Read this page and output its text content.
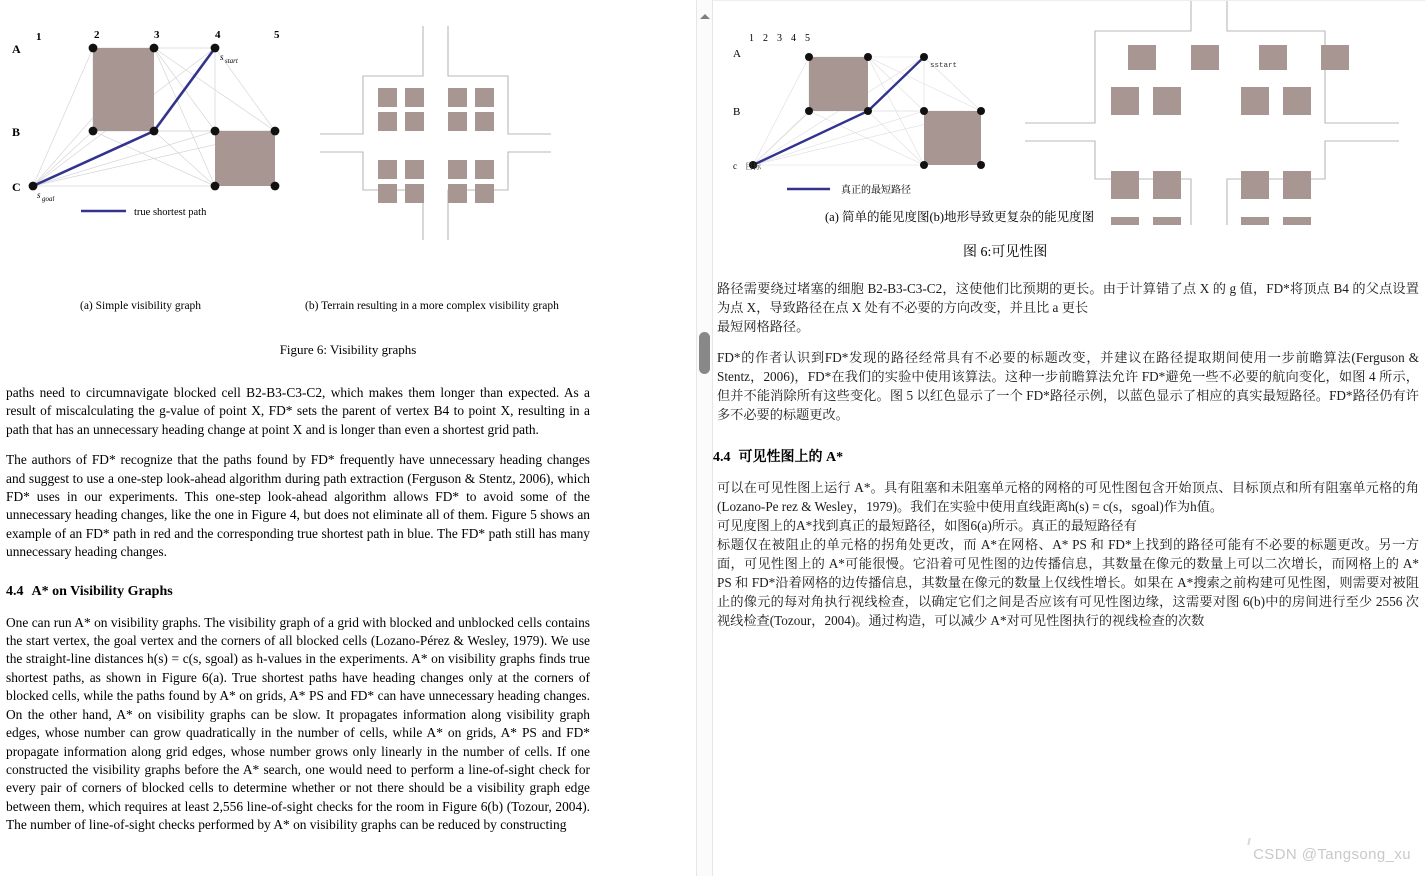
1	2	3	4	5
A
B
C
s start
s goal
true shortest path
(a) Simple visibility graph	(b) Terrain resulting in a more complex visibility graph
Figure 6: Visibility graphs

paths need to circumnavigate blocked cell B2-B3-C3-C2, which makes them longer than expected. As a result of miscalculating the g-value of point X, FD* sets the parent of vertex B4 to point X, resulting in a path that has an unnecessary heading change at point X and is longer than even a shortest grid path.

The authors of FD* recognize that the paths found by FD* frequently have unnecessary heading changes and suggest to use a one-step look-ahead algorithm during path extraction (Ferguson & Stentz, 2006), which FD* uses in our experiments. This one-step look-ahead algorithm allows FD* to avoid some of the unnecessary heading changes, like the one in Figure 4, but does not eliminate all of them. Figure 5 shows an example of an FD* path in red and the corresponding true shortest path in blue. The FD* path still has many unnecessary heading changes.

4.4 A* on Visibility Graphs

One can run A* on visibility graphs. The visibility graph of a grid with blocked and unblocked cells contains the start vertex, the goal vertex and the corners of all blocked cells (Lozano-Pérez & Wesley, 1979). We use the straight-line distances h(s) = c(s, sgoal) as h-values in the experiments. A* on visibility graphs finds true shortest paths, as shown in Figure 6(a). True shortest paths have heading changes only at the corners of blocked cells, while the paths found by A* on grids, A* PS and FD* can have unnecessary heading changes. On the other hand, A* on visibility graphs can be slow. It propagates information along visibility graph edges, whose number can grow quadratically in the number of cells, while A* on grids, A* PS and FD* propagate information along grid edges, whose number grows only linearly in the number of cells. If one constructed the visibility graphs before the A* search, one would need to perform a line-of-sight check for every pair of corners of blocked cells to determine whether or not there should be a visibility graph edge between them, which requires at least 2,556 line-of-sight checks for the room in Figure 6(b) (Tozour, 2004). The number of line-of-sight checks performed by A* on visibility graphs can be reduced by constructing

1 2 3 4 5
A
B
c
sstart
目标
真正的最短路径
(a) 简单的能见度图(b)地形导致更复杂的能见度图
图 6:可见性图

路径需要绕过堵塞的细胞 B2-B3-C3-C2，这使他们比预期的更长。由于计算错了点 X 的 g 值，FD*将顶点 B4 的父点设置为点 X，导致路径在点 X 处有不必要的方向改变，并且比 a 更长

最短网格路径。

FD*的作者认识到FD*发现的路径经常具有不必要的标题改变，并建议在路径提取期间使用一步前瞻算法(Ferguson & Stentz，2006)，FD*在我们的实验中使用该算法。这种一步前瞻算法允许 FD*避免一些不必要的航向变化，如图 4 所示，但并不能消除所有这些变化。图 5 以红色显示了一个 FD*路径示例，以蓝色显示了相应的真实最短路径。FD*路径仍有许多不必要的标题更改。

4.4 可见性图上的 A*

可以在可见性图上运行 A*。具有阻塞和未阻塞单元格的网格的可见性图包含开始顶点、目标顶点和所有阻塞单元格的角(Lozano-Pe rez & Wesley，1979)。我们在实验中使用直线距离h(s) = c(s，sgoal)作为h值。

可见度图上的A*找到真正的最短路径，如图6(a)所示。真正的最短路径有

标题仅在被阻止的单元格的拐角处更改，而 A*在网格、A* PS 和 FD*上找到的路径可能有不必要的标题更改。另一方面，可见性图上的 A*可能很慢。它沿着可见性图的边传播信息，其数量在像元的数量上可以二次增长，而网格上的 A* PS 和 FD*沿着网格的边传播信息，其数量在像元的数量上仅线性增长。如果在 A*搜索之前构建可见性图，则需要对被阻止的像元的每对角执行视线检查，以确定它们之间是否应该有可见性图边缘，这需要对图 6(b)中的房间进行至少 2556 次视线检查(Tozour，2004)。通过构造，可以减少 A*对可见性图执行的视线检查的次数

CSDN @Tangsong_xu
